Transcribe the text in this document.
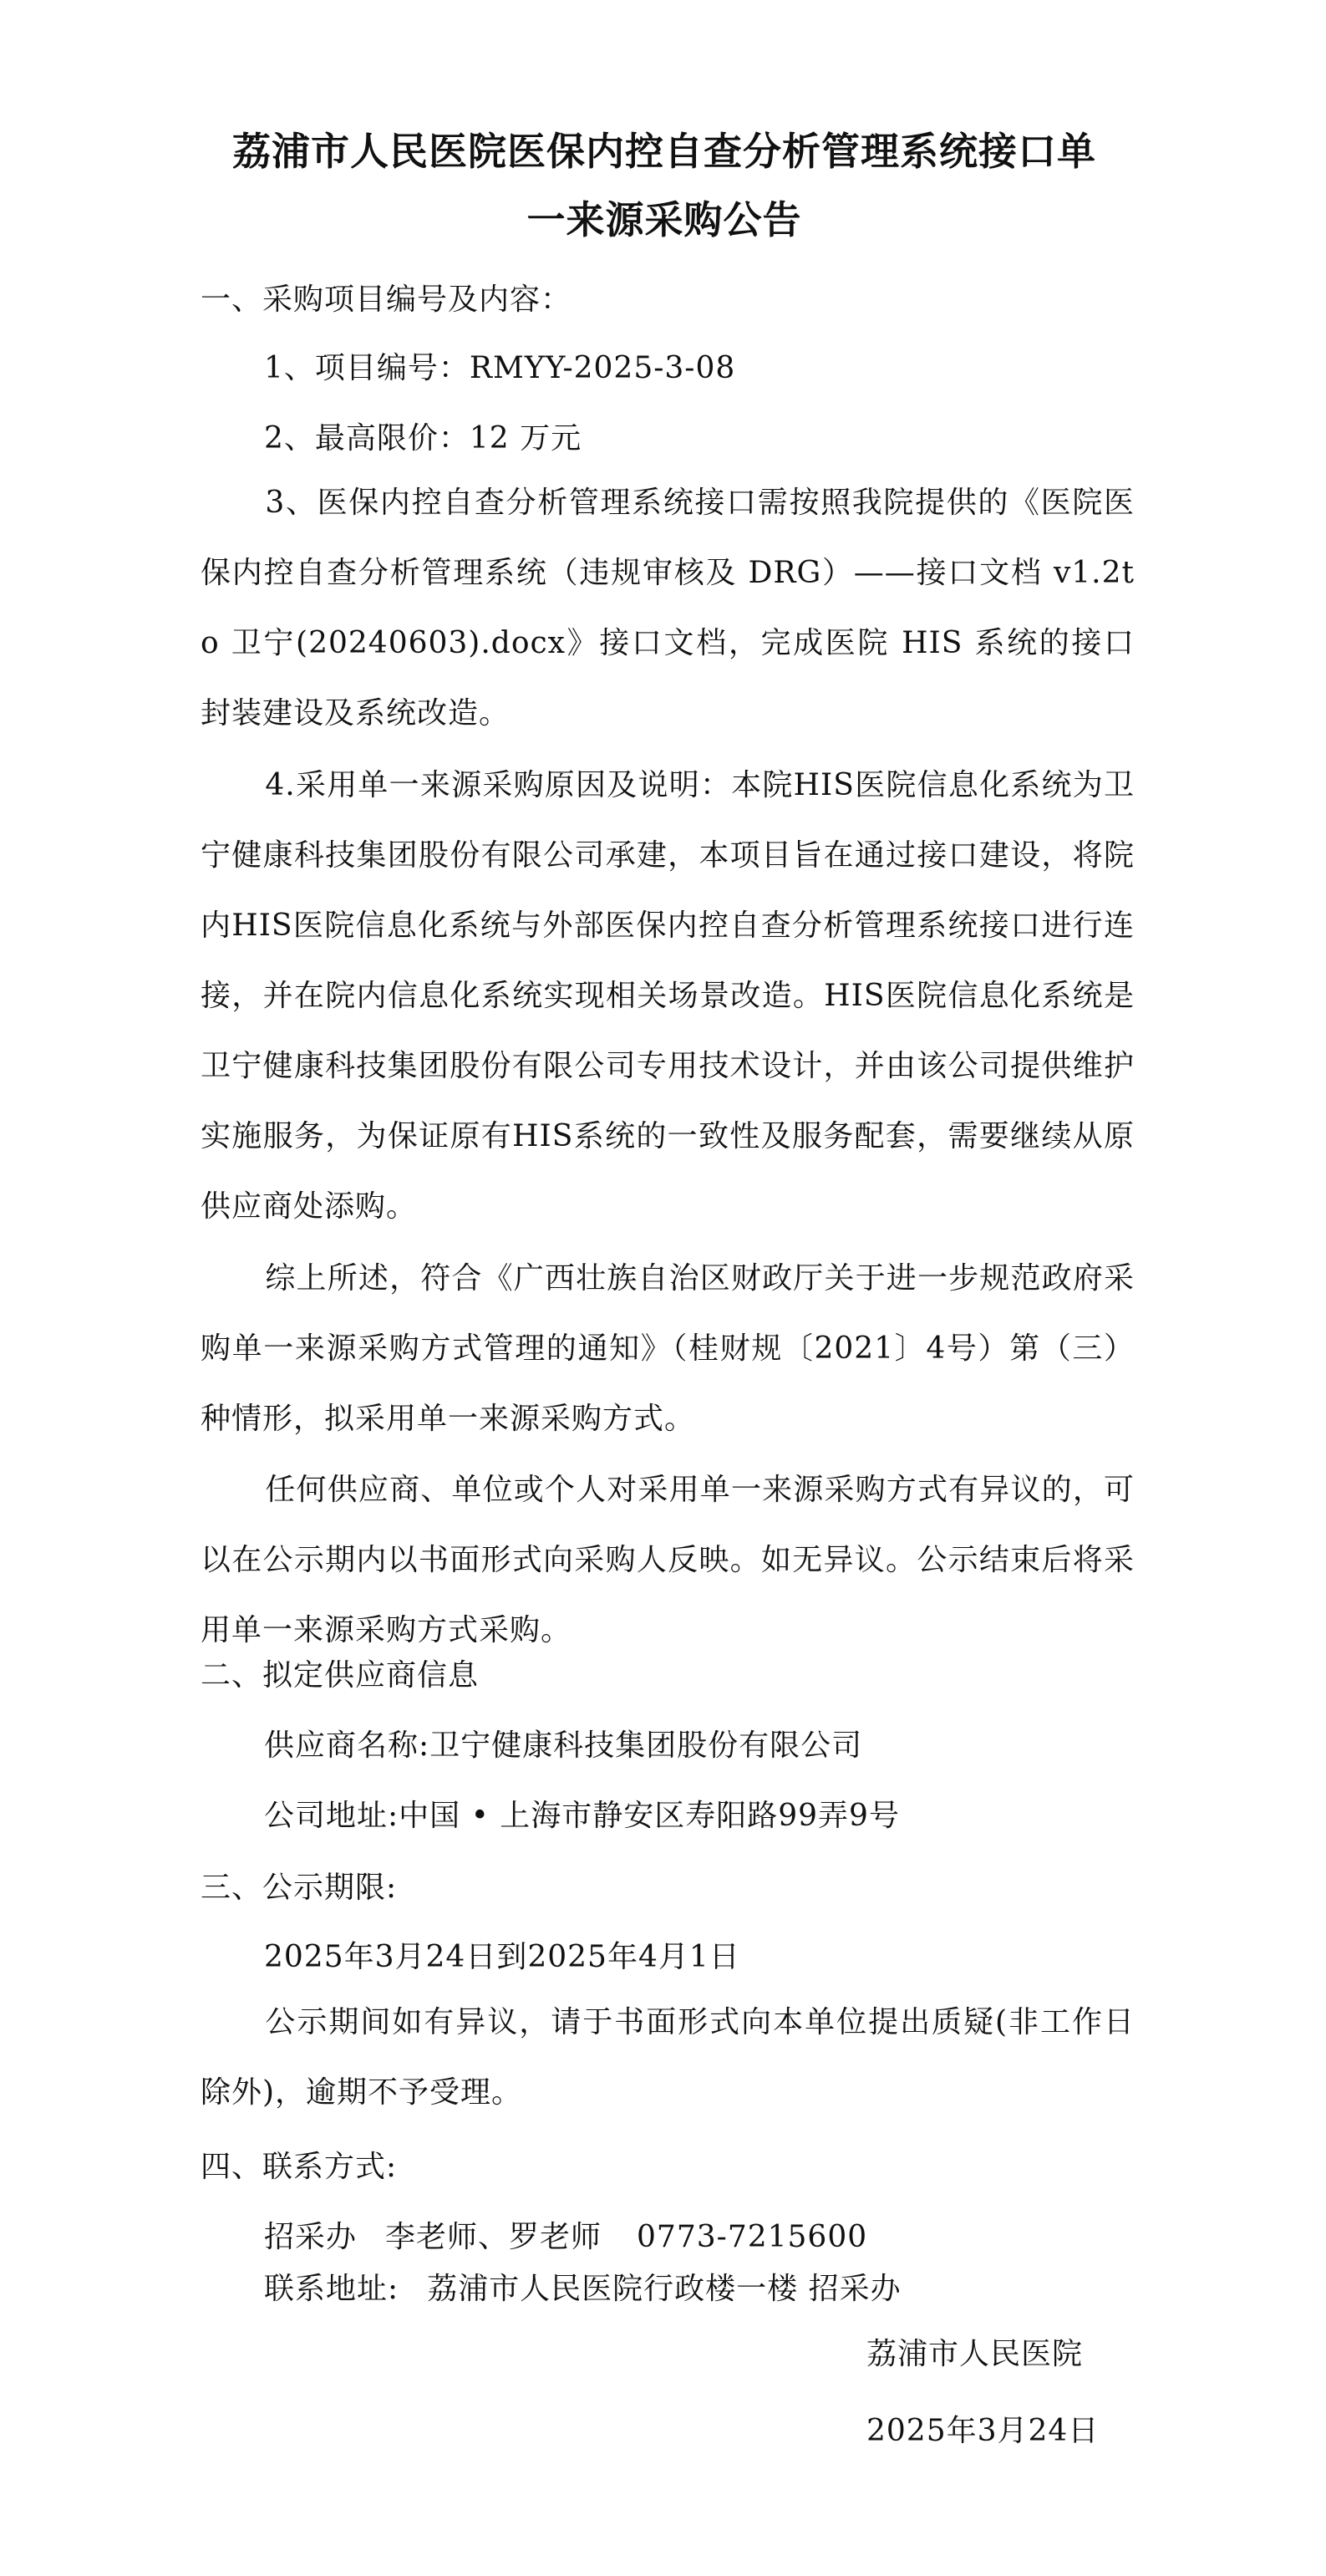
荔浦市人民医院医保内控自查分析管理系统接口单
一来源采购公告
一、采购项目编号及内容：
1、项目编号：RMYY-2025-3-08
2、最高限价：12 万元
3、医保内控自查分析管理系统接口需按照我院提供的《医院医保内控自查分析管理系统（违规审核及 DRG）——接口文档 v1.2to 卫宁(20240603).docx》接口文档，完成医院 HIS 系统的接口封装建设及系统改造。
4.采用单一来源采购原因及说明：本院HIS医院信息化系统为卫宁健康科技集团股份有限公司承建，本项目旨在通过接口建设，将院内HIS医院信息化系统与外部医保内控自查分析管理系统接口进行连接，并在院内信息化系统实现相关场景改造。HIS医院信息化系统是卫宁健康科技集团股份有限公司专用技术设计，并由该公司提供维护实施服务，为保证原有HIS系统的一致性及服务配套，需要继续从原供应商处添购。
综上所述，符合《广西壮族自治区财政厅关于进一步规范政府采购单一来源采购方式管理的通知》（桂财规〔2021〕4号）第（三）种情形，拟采用单一来源采购方式。
任何供应商、单位或个人对采用单一来源采购方式有异议的，可以在公示期内以书面形式向采购人反映。如无异议。公示结束后将采用单一来源采购方式采购。
二、拟定供应商信息
供应商名称:卫宁健康科技集团股份有限公司
公司地址:中国 • 上海市静安区寿阳路99弄9号
三、公示期限:
2025年3月24日到2025年4月1日
公示期间如有异议，请于书面形式向本单位提出质疑(非工作日除外)，逾期不予受理。
四、联系方式:
招采办 李老师、罗老师 0773-7215600
联系地址: 荔浦市人民医院行政楼一楼 招采办
荔浦市人民医院
2025年3月24日
